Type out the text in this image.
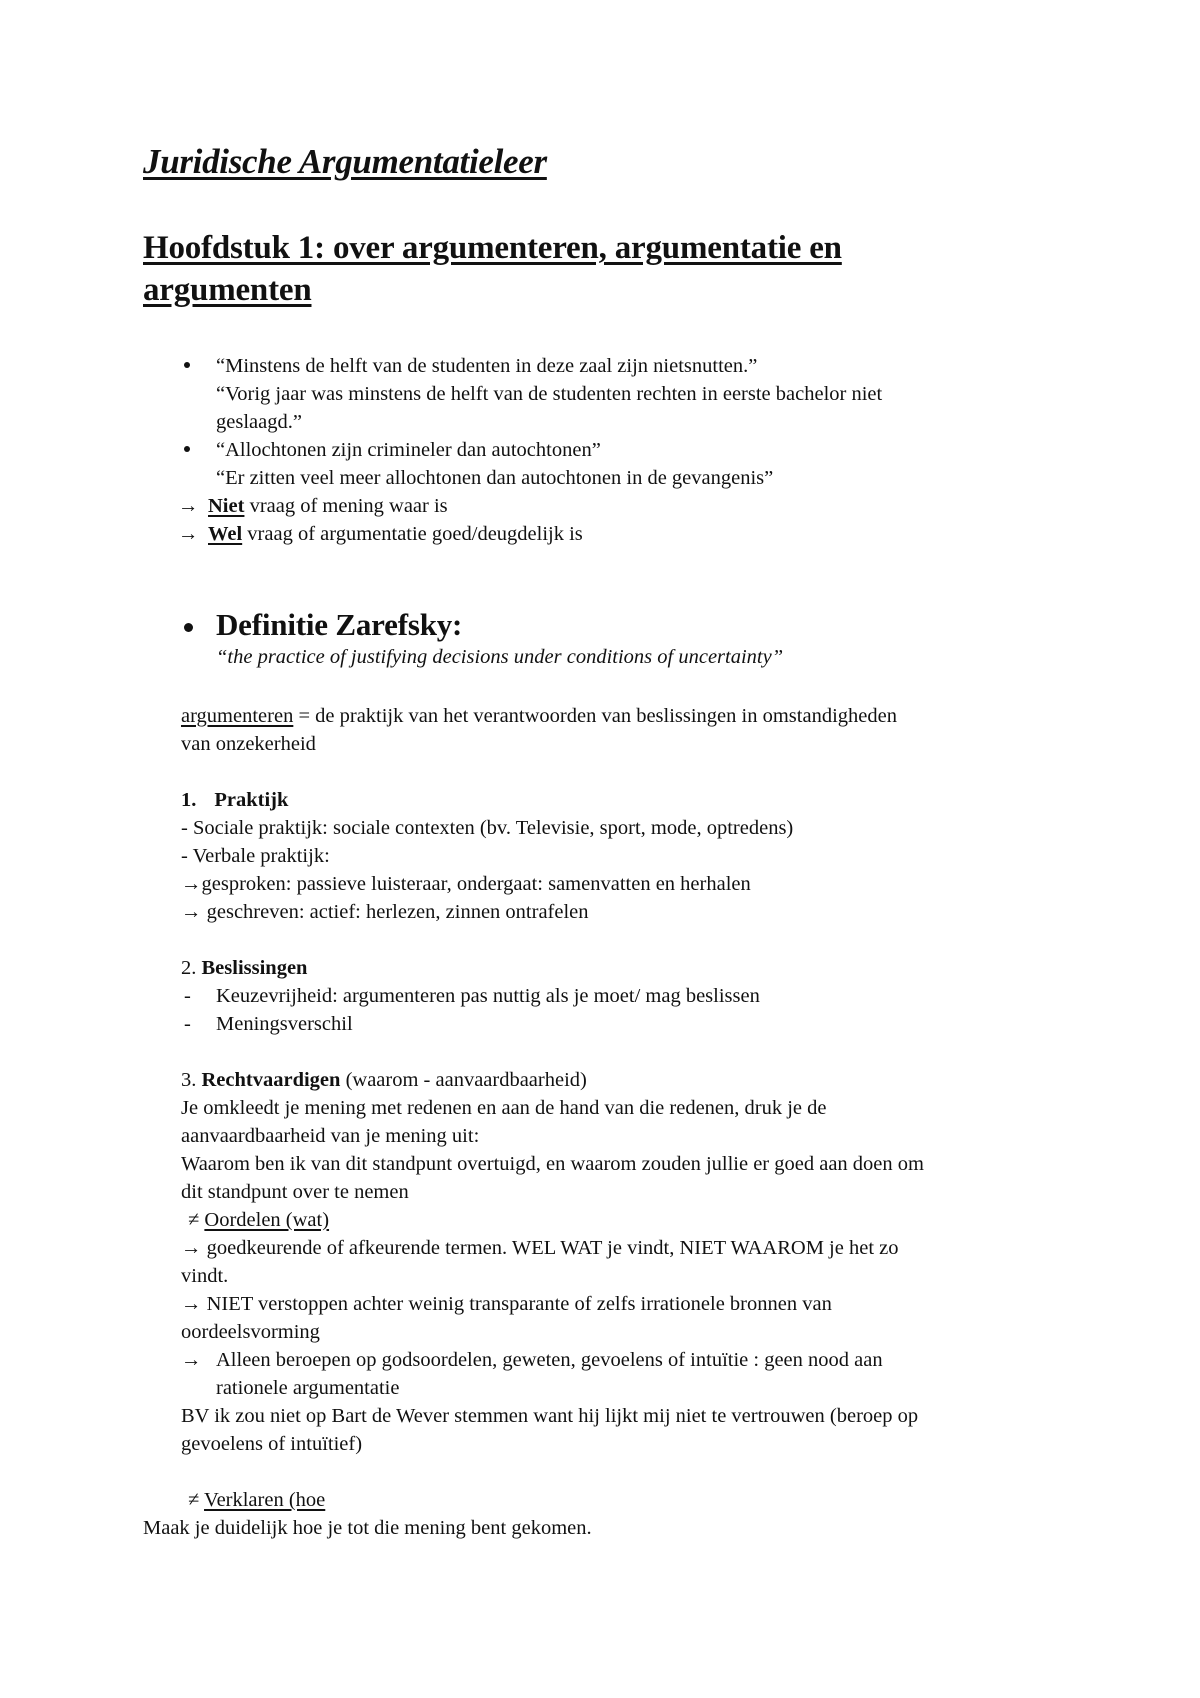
Juridische Argumentatieleer
Hoofdstuk 1: over argumenteren, argumentatie en
argumenten
“Minstens de helft van de studenten in deze zaal zijn nietsnutten.”
“Vorig jaar was minstens de helft van de studenten rechten in eerste bachelor niet
geslaagd.”
“Allochtonen zijn crimineler dan autochtonen”
“Er zitten veel meer allochtonen dan autochtonen in de gevangenis”
→ Niet vraag of mening waar is
→ Wel vraag of argumentatie goed/deugdelijk is
Definitie Zarefsky:
“the practice of justifying decisions under conditions of uncertainty”
argumenteren = de praktijk van het verantwoorden van beslissingen in omstandigheden
van onzekerheid
1. Praktijk
- Sociale praktijk: sociale contexten (bv. Televisie, sport, mode, optredens)
- Verbale praktijk:
→gesproken: passieve luisteraar, ondergaat: samenvatten en herhalen
→ geschreven: actief: herlezen, zinnen ontrafelen
2. Beslissingen
- Keuzevrijheid: argumenteren pas nuttig als je moet/ mag beslissen
- Meningsverschil
3. Rechtvaardigen (waarom - aanvaardbaarheid)
Je omkleedt je mening met redenen en aan de hand van die redenen, druk je de
aanvaardbaarheid van je mening uit:
Waarom ben ik van dit standpunt overtuigd, en waarom zouden jullie er goed aan doen om
dit standpunt over te nemen
≠ Oordelen (wat)
→ goedkeurende of afkeurende termen. WEL WAT je vindt, NIET WAAROM je het zo
vindt.
→ NIET verstoppen achter weinig transparante of zelfs irrationele bronnen van
oordeelsvorming
→ Alleen beroepen op godsoordelen, geweten, gevoelens of intuïtie : geen nood aan
rationele argumentatie
BV ik zou niet op Bart de Wever stemmen want hij lijkt mij niet te vertrouwen (beroep op
gevoelens of intuïtief)
≠ Verklaren (hoe
Maak je duidelijk hoe je tot die mening bent gekomen.
